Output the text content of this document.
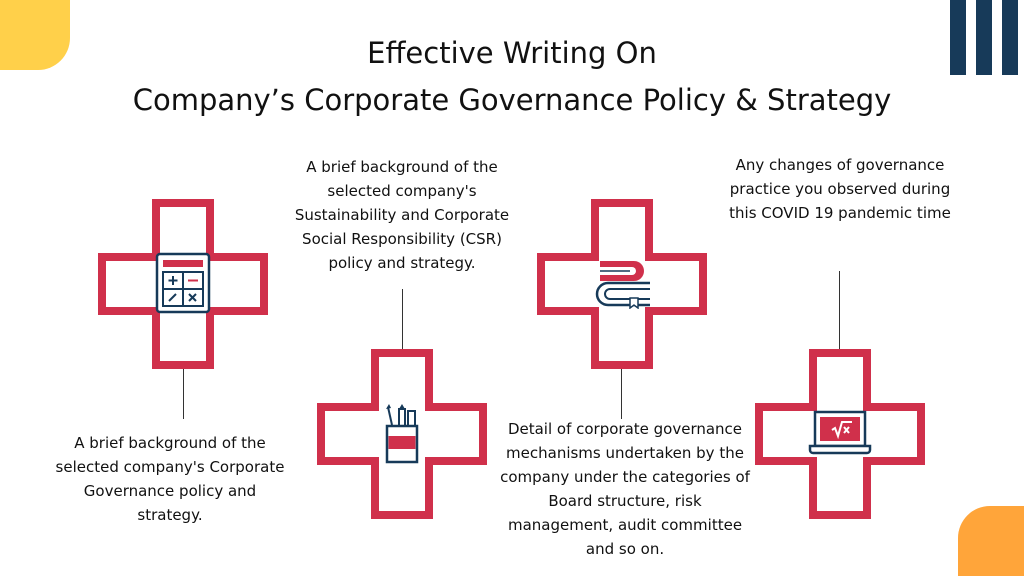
Effective Writing On
Company’s Corporate Governance Policy & Strategy

A brief background of the selected company's Corporate Governance policy and strategy.

A brief background of the selected company's Sustainability and Corporate Social Responsibility (CSR) policy and strategy.

Detail of corporate governance mechanisms undertaken by the company under the categories of Board structure, risk management, audit committee and so on.

Any changes of governance practice you observed during this COVID 19 pandemic time
